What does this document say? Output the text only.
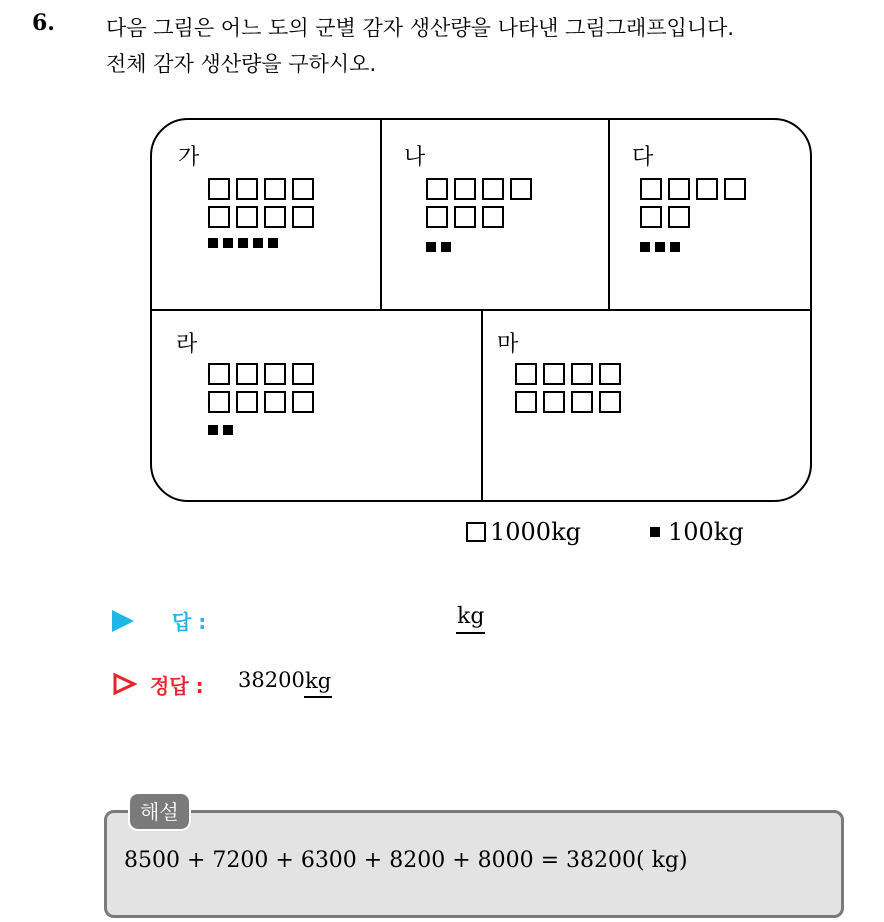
6. 다음 그림은 어느 도의 군별 감자 생산량을 나타낸 그림그래프입니다.
전체 감자 생산량을 구하시오.
가	나	다
라	마
1000kg	100kg
답 :	kg
정답 : 38200 kg
해설
8500 + 7200 + 6300 + 8200 + 8000 = 38200( kg)
